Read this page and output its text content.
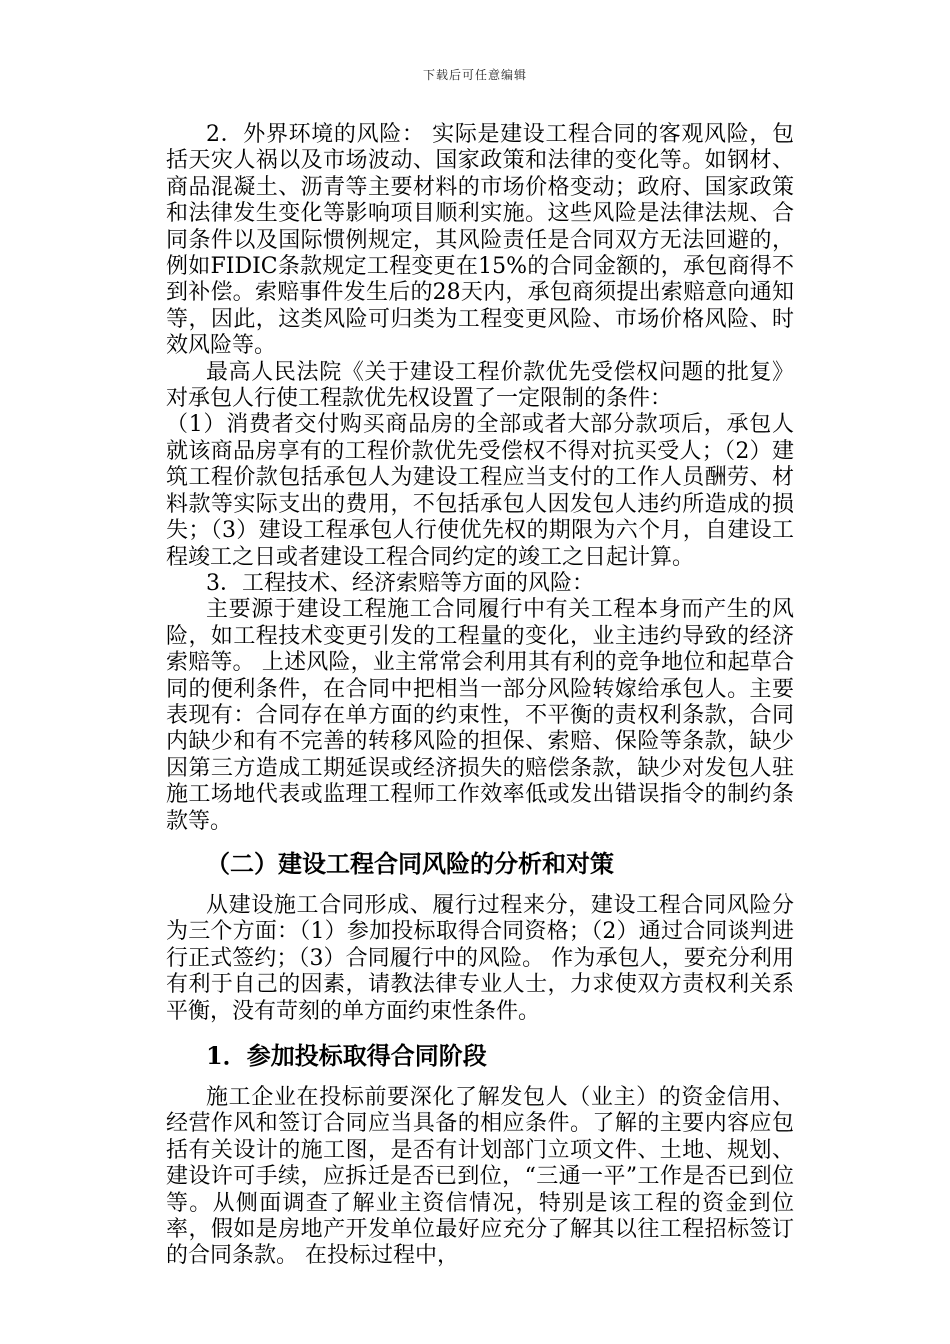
下载后可任意编辑

2．外界环境的风险： 实际是建设工程合同的客观风险，包括天灾人祸以及市场波动、国家政策和法律的变化等。如钢材、商品混凝土、沥青等主要材料的市场价格变动；政府、国家政策和法律发生变化等影响项目顺利实施。这些风险是法律法规、合同条件以及国际惯例规定，其风险责任是合同双方无法回避的，例如FIDIC条款规定工程变更在15%的合同金额的，承包商得不到补偿。索赔事件发生后的28天内，承包商须提出索赔意向通知等，因此，这类风险可归类为工程变更风险、市场价格风险、时效风险等。

最高人民法院《关于建设工程价款优先受偿权问题的批复》对承包人行使工程款优先权设置了一定限制的条件：

（1）消费者交付购买商品房的全部或者大部分款项后，承包人就该商品房享有的工程价款优先受偿权不得对抗买受人；（2）建筑工程价款包括承包人为建设工程应当支付的工作人员酬劳、材料款等实际支出的费用，不包括承包人因发包人违约所造成的损失；（3）建设工程承包人行使优先权的期限为六个月，自建设工程竣工之日或者建设工程合同约定的竣工之日起计算。

3．工程技术、经济索赔等方面的风险：

主要源于建设工程施工合同履行中有关工程本身而产生的风险，如工程技术变更引发的工程量的变化，业主违约导致的经济索赔等。 上述风险，业主常常会利用其有利的竞争地位和起草合同的便利条件，在合同中把相当一部分风险转嫁给承包人。主要表现有：合同存在单方面的约束性，不平衡的责权利条款，合同内缺少和有不完善的转移风险的担保、索赔、保险等条款，缺少因第三方造成工期延误或经济损失的赔偿条款，缺少对发包人驻施工场地代表或监理工程师工作效率低或发出错误指令的制约条款等。

（二）建设工程合同风险的分析和对策

从建设施工合同形成、履行过程来分，建设工程合同风险分为三个方面：（1）参加投标取得合同资格；（2）通过合同谈判进行正式签约；（3）合同履行中的风险。 作为承包人，要充分利用有利于自己的因素，请教法律专业人士，力求使双方责权利关系平衡，没有苛刻的单方面约束性条件。

1．参加投标取得合同阶段

施工企业在投标前要深化了解发包人（业主）的资金信用、经营作风和签订合同应当具备的相应条件。了解的主要内容应包括有关设计的施工图，是否有计划部门立项文件、土地、规划、建设许可手续，应拆迁是否已到位，“三通一平”工作是否已到位等。从侧面调查了解业主资信情况，特别是该工程的资金到位率，假如是房地产开发单位最好应充分了解其以往工程招标签订的合同条款。 在投标过程中，
